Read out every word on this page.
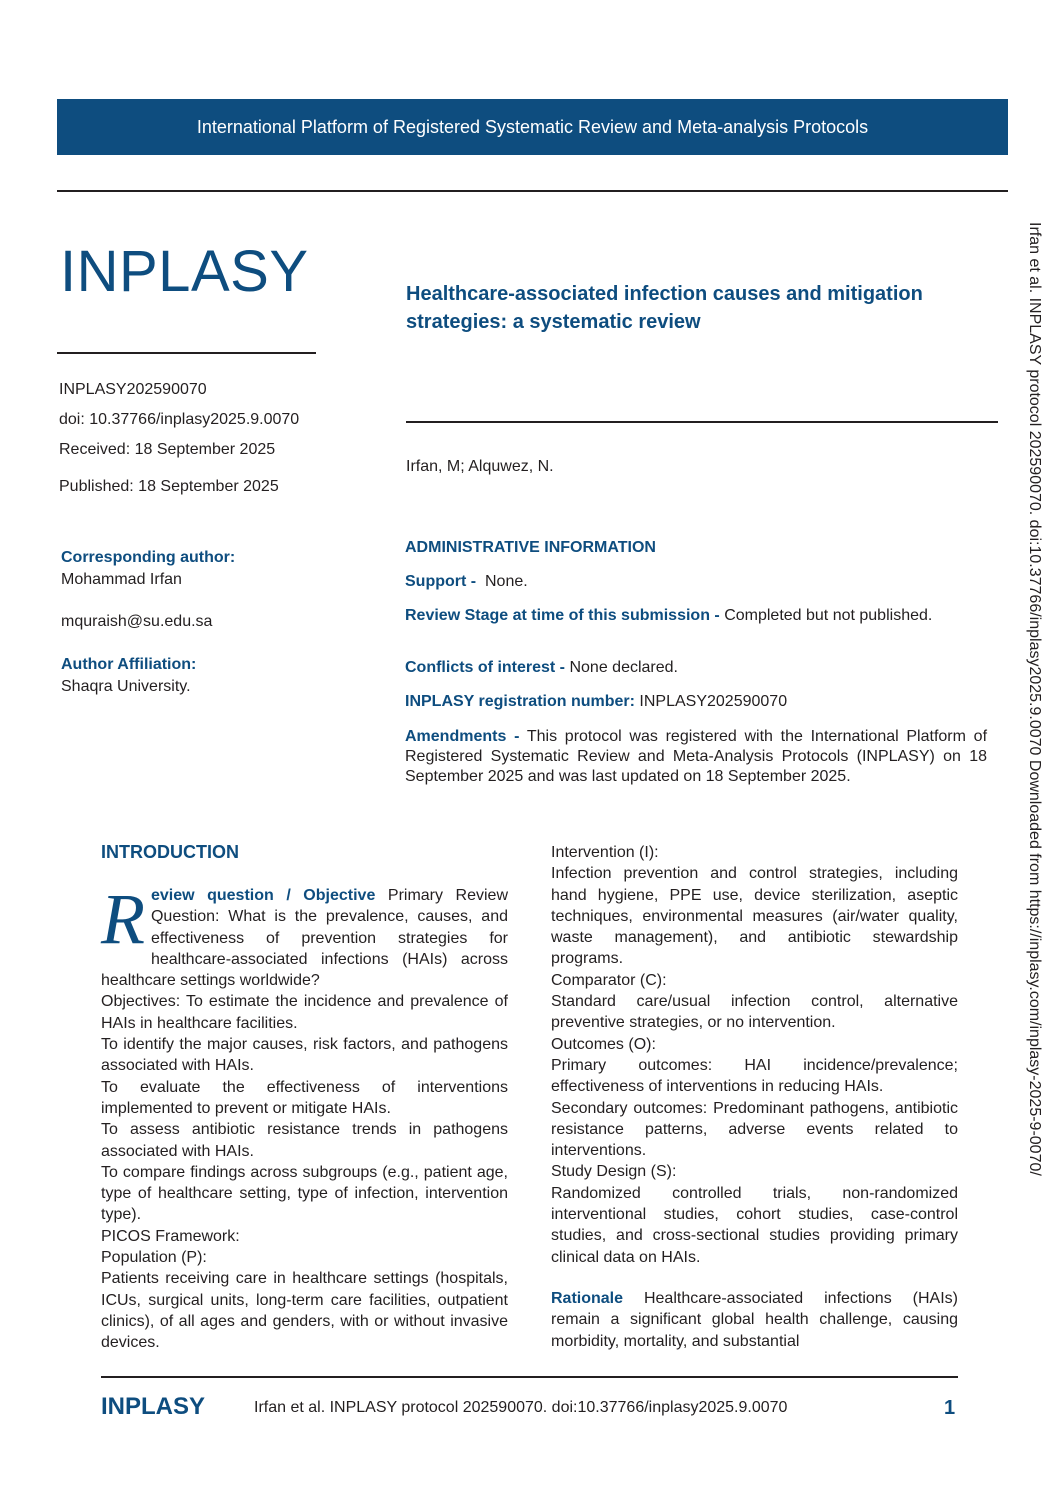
International Platform of Registered Systematic Review and Meta-analysis Protocols
INPLASY	Healthcare-associated infection causes and mitigation strategies: a systematic review
INPLASY202590070
doi: 10.37766/inplasy2025.9.0070
Received: 18 September 2025
Published: 18 September 2025
Irfan, M; Alquwez, N.
Corresponding author:
Mohammad Irfan
mquraish@su.edu.sa
Author Affiliation:
Shaqra University.
ADMINISTRATIVE INFORMATION
Support - None.
Review Stage at time of this submission - Completed but not published.
Conflicts of interest - None declared.
INPLASY registration number: INPLASY202590070
Amendments - This protocol was registered with the International Platform of Registered Systematic Review and Meta-Analysis Protocols (INPLASY) on 18 September 2025 and was last updated on 18 September 2025.
INTRODUCTION

R eview question / Objective Primary Review Question: What is the prevalence, causes, and effectiveness of prevention strategies for healthcare-associated infections (HAIs) across healthcare settings worldwide?

Objectives: To estimate the incidence and prevalence of HAIs in healthcare facilities.

To identify the major causes, risk factors, and pathogens associated with HAIs.

To evaluate the effectiveness of interventions implemented to prevent or mitigate HAIs.

To assess antibiotic resistance trends in pathogens associated with HAIs.

To compare findings across subgroups (e.g., patient age, type of healthcare setting, type of infection, intervention type).

PICOS Framework:

Population (P):

Patients receiving care in healthcare settings (hospitals, ICUs, surgical units, long-term care facilities, outpatient clinics), of all ages and genders, with or without invasive devices.

Intervention (I):

Infection prevention and control strategies, including hand hygiene, PPE use, device sterilization, aseptic techniques, environmental measures (air/water quality, waste management), and antibiotic stewardship programs.

Comparator (C):

Standard care/usual infection control, alternative preventive strategies, or no intervention.

Outcomes (O):

Primary outcomes: HAI incidence/prevalence; effectiveness of interventions in reducing HAIs.

Secondary outcomes: Predominant pathogens, antibiotic resistance patterns, adverse events related to interventions.

Study Design (S):

Randomized controlled trials, non-randomized interventional studies, cohort studies, case-control studies, and cross-sectional studies providing primary clinical data on HAIs.

Rationale Healthcare-associated infections (HAIs) remain a significant global health challenge, causing morbidity, mortality, and substantial

Irfan et al. INPLASY protocol 202590070. doi:10.37766/inplasy2025.9.0070 Downloaded from https://inplasy.com/inplasy-2025-9-0070/
INPLASY	Irfan et al. INPLASY protocol 202590070. doi:10.37766/inplasy2025.9.0070	1
